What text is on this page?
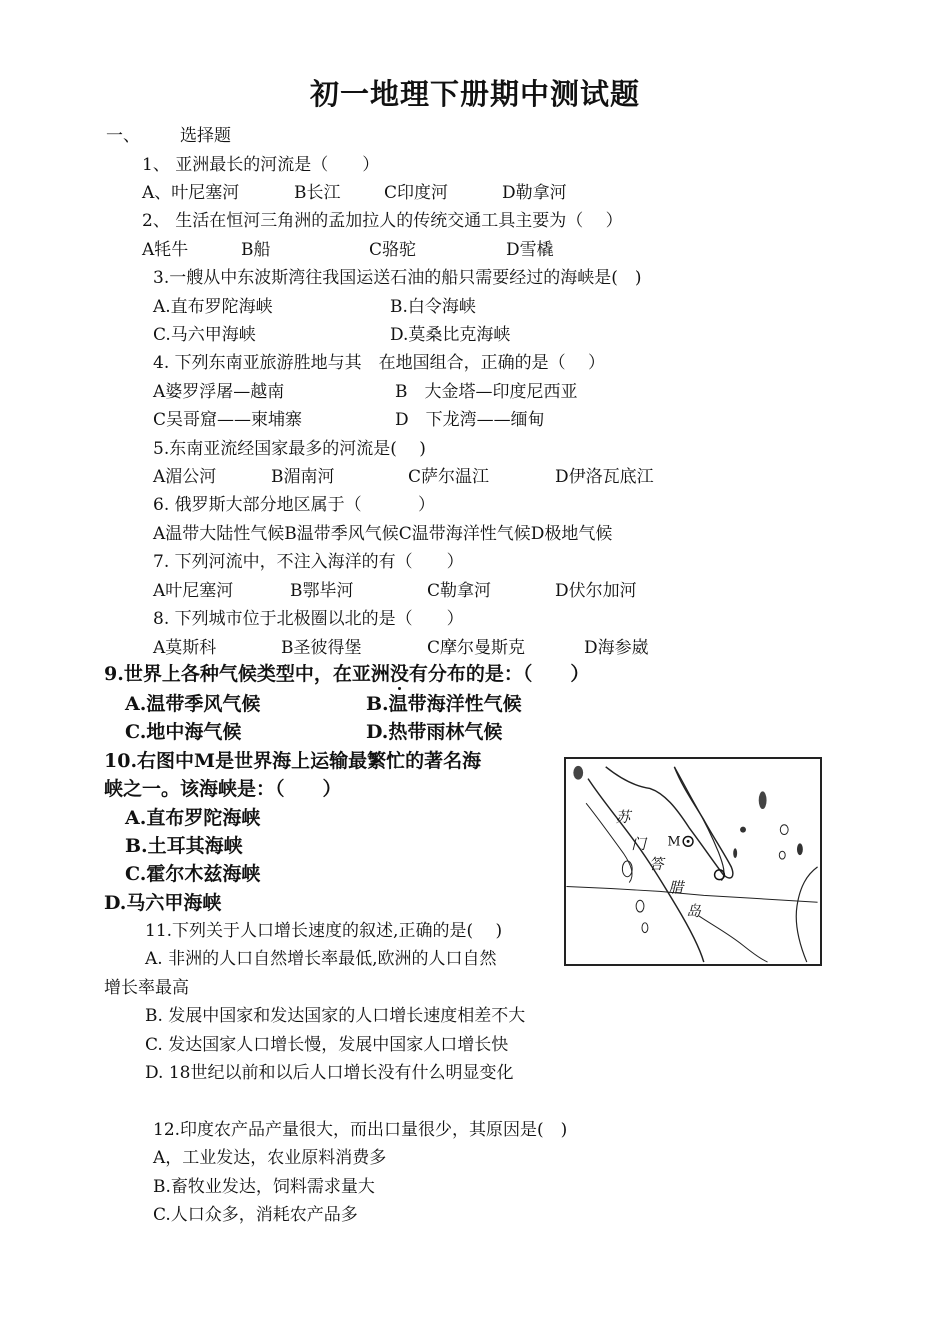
初一地理下册期中测试题
一、 选择题
1、 亚洲最长的河流是（　　）
A、叶尼塞河	B长江	C印度河	D勒拿河
2、 生活在恒河三角洲的孟加拉人的传统交通工具主要为（　 ）
A牦牛	B船	C骆驼	D雪橇
3.一艘从中东波斯湾往我国运送石油的船只需要经过的海峡是(　)
A.直布罗陀海峡	B.白令海峡
C.马六甲海峡	D.莫桑比克海峡
4. 下列东南亚旅游胜地与其　在地国组合，正确的是（　 ）
A婆罗浮屠—越南	B　大金塔—印度尼西亚
C吴哥窟——柬埔寨	D　下龙湾——缅甸
5.东南亚流经国家最多的河流是(　 )
A湄公河	B湄南河	C萨尔温江	D伊洛瓦底江
6. 俄罗斯大部分地区属于（　　　 ）
A温带大陆性气候B温带季风气候C温带海洋性气候D极地气候
7. 下列河流中，不注入海洋的有（　　）
A叶尼塞河	B鄂毕河	C勒拿河	D伏尔加河
8. 下列城市位于北极圈以北的是（　　）
A莫斯科	B圣彼得堡	C摩尔曼斯克	D海参崴
9.世界上各种气候类型中，在亚洲没有分布的是：（　　）
A.温带季风气候	B.温带海洋性气候
C.地中海气候	D.热带雨林气候
10.右图中M是世界海上运输最繁忙的著名海
峡之一。该海峡是：（　　）
A.直布罗陀海峡
B.土耳其海峡
C.霍尔木兹海峡
D.马六甲海峡
M
苏
门
答
腊
岛
11.下列关于人口增长速度的叙述,正确的是(　 )
A. 非洲的人口自然增长率最低,欧洲的人口自然
增长率最高
B. 发展中国家和发达国家的人口增长速度相差不大
C. 发达国家人口增长慢，发展中国家人口增长快
D. 18世纪以前和以后人口增长没有什么明显变化
12.印度农产品产量很大，而出口量很少，其原因是(　)
A，工业发达，农业原料消费多
B.畜牧业发达，饲料需求量大
C.人口众多，消耗农产品多
